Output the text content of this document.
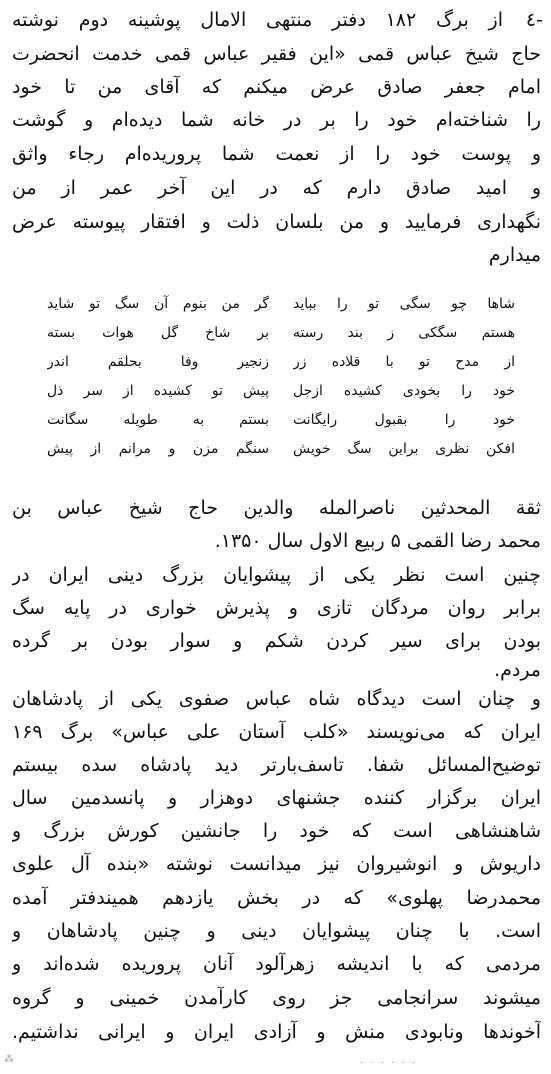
-٤
از برگ ۱۸۲ دفتر منتهی الامال پوشینه دوم نوشته
حاج شیخ عباس قمی «این فقیر عباس قمی خدمت انحضرت
امام جعفر صادق عرض میکنم که آقای من تا خود
را شناخته‌ام خود را بر در خانه شما دیده‌ام و گوشت
و پوست خود را از نعمت شما پرورید‌ه‌ام رجاء واثق
و امید صادق دارم که در این آخر عمر از من
نگهداری فرمایید و من بلسان ذلت و افتقار پیوسته عرض
میدارم
شاها چو سگی تو را بباید
گر من بنوم آن سگ تو شاید
هستم سگکی ز بند رسته
بر شاخ گل هوات بسته
از مدح تو با قلاده زر
زنجیر وفا بحلقم اندر
خود را بخودی کشیده ازجل
پیش تو کشیده از سر ذل
خود را بقبول رایگانت
بستم به طویله سگانت
افکن نظری براین سگ خویش
سنگم مزن و مرانم از پیش
ثقة المحدثین ناصرالمله والدین حاج شیخ عباس بن
محمد رضا القمی ۵ ربیع الاول سال ۱۳۵۰.
چنین است نظر یکی از پیشوایان بزرگ دینی ایران در
برابر روان مردگان تازی و پذیرش خواری در پایه سگ
بودن برای سیر کردن شکم و سوار بودن بر گرده
مردم.
و چنان است دیدگاه شاه عباس صفوی یکی از پادشاهان
ایران که می‌نویسند «کلب آستان علی عباس» برگ ۱۶۹
توضیح‌المسائل شفا. تاسف‌بارتر دید پادشاه سده بیستم
ایران برگزار کننده جشنهای دوهزار و پانسدمین سال
شاهنشاهی است که خود را جانشین کورش بزرگ و
داریوش و انوشیروان نیز میدانست نوشته «بنده آل علوی
محمدرضا پهلوی» که در بخش یازدهم همیندفتر آمده
است. با چنان پیشوایان دینی و چنین پادشاهان و
مردمی که با اندیشه زهرآلود آنان پرورید‌ه شده‌اند و
میشوند سرانجامی جز روی کارآمدن خمینی و گروه
آخوندها ونابودی منش و آزادی ایران و ایرانی نداشتیم.
⁂	· · · · · ·
